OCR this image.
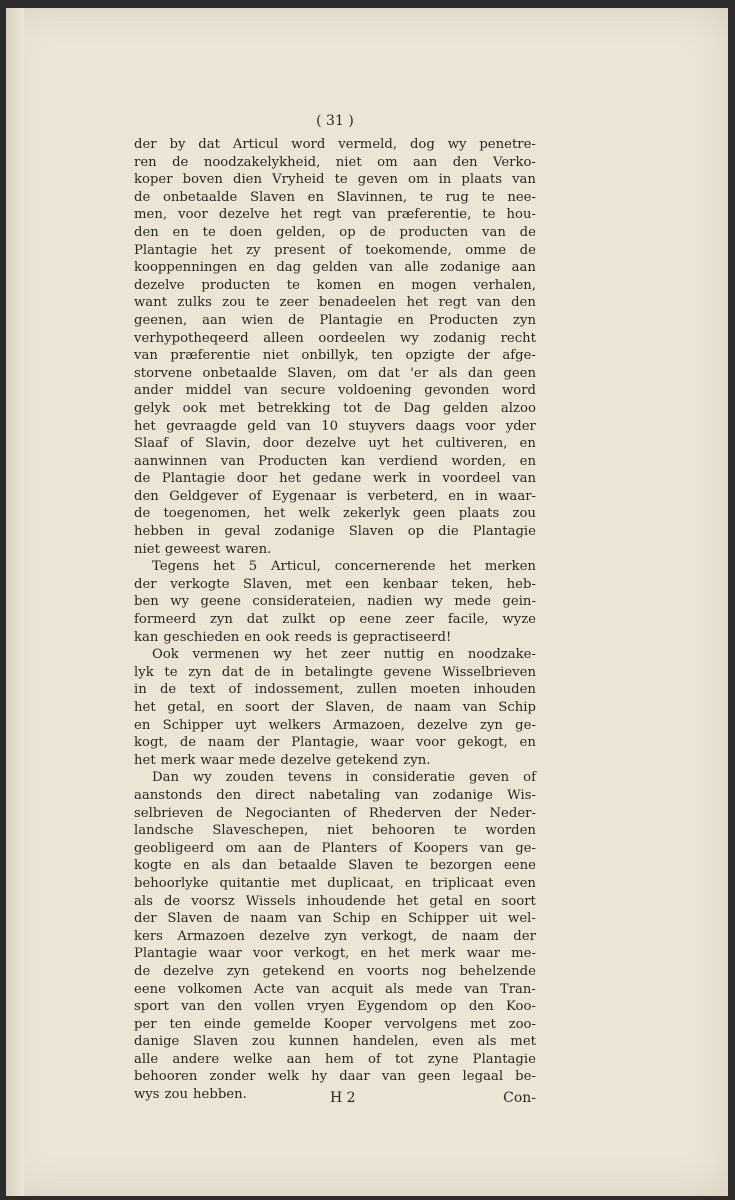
( 31 )
der by dat Articul word vermeld, dog wy penetre-
ren de noodzakelykheid, niet om aan den Verko-
koper boven dien Vryheid te geven om in plaats van
de onbetaalde Slaven en Slavinnen, te rug te nee-
men, voor dezelve het regt van præferentie, te hou-
den en te doen gelden, op de producten van de
Plantagie het zy present of toekomende, omme de
kooppenningen en dag gelden van alle zodanige aan
dezelve producten te komen en mogen verhalen,
want zulks zou te zeer benadeelen het regt van den
geenen, aan wien de Plantagie en Producten zyn
verhypotheqeerd alleen oordeelen wy zodanig recht
van præferentie niet onbillyk, ten opzigte der afge-
storvene onbetaalde Slaven, om dat 'er als dan geen
ander middel van secure voldoening gevonden word
gelyk ook met betrekking tot de Dag gelden alzoo
het gevraagde geld van 10 stuyvers daags voor yder
Slaaf of Slavin, door dezelve uyt het cultiveren, en
aanwinnen van Producten kan verdiend worden, en
de Plantagie door het gedane werk in voordeel van
den Geldgever of Eygenaar is verbeterd, en in waar-
de toegenomen, het welk zekerlyk geen plaats zou
hebben in geval zodanige Slaven op die Plantagie
niet geweest waren.
Tegens het 5 Articul, concernerende het merken
der verkogte Slaven, met een kenbaar teken, heb-
ben wy geene considerateien, nadien wy mede gein-
formeerd zyn dat zulkt op eene zeer facile, wyze
kan geschieden en ook reeds is gepractiseerd!
Ook vermenen wy het zeer nuttig en noodzake-
lyk te zyn dat de in betalingte gevene Wisselbrieven
in de text of indossement, zullen moeten inhouden
het getal, en soort der Slaven, de naam van Schip
en Schipper uyt welkers Armazoen, dezelve zyn ge-
kogt, de naam der Plantagie, waar voor gekogt, en
het merk waar mede dezelve getekend zyn.
Dan wy zouden tevens in consideratie geven of
aanstonds den direct nabetaling van zodanige Wis-
selbrieven de Negocianten of Rhederven der Neder-
landsche Slaveschepen, niet behooren te worden
geobligeerd om aan de Planters of Koopers van ge-
kogte en als dan betaalde Slaven te bezorgen eene
behoorlyke quitantie met duplicaat, en triplicaat even
als de voorsz Wissels inhoudende het getal en soort
der Slaven de naam van Schip en Schipper uit wel-
kers Armazoen dezelve zyn verkogt, de naam der
Plantagie waar voor verkogt, en het merk waar me-
de dezelve zyn getekend en voorts nog behelzende
eene volkomen Acte van acquit als mede van Tran-
sport van den vollen vryen Eygendom op den Koo-
per ten einde gemelde Kooper vervolgens met zoo-
danige Slaven zou kunnen handelen, even als met
alle andere welke aan hem of tot zyne Plantagie
behooren zonder welk hy daar van geen legaal be-
wys zou hebben.	H 2	Con-
